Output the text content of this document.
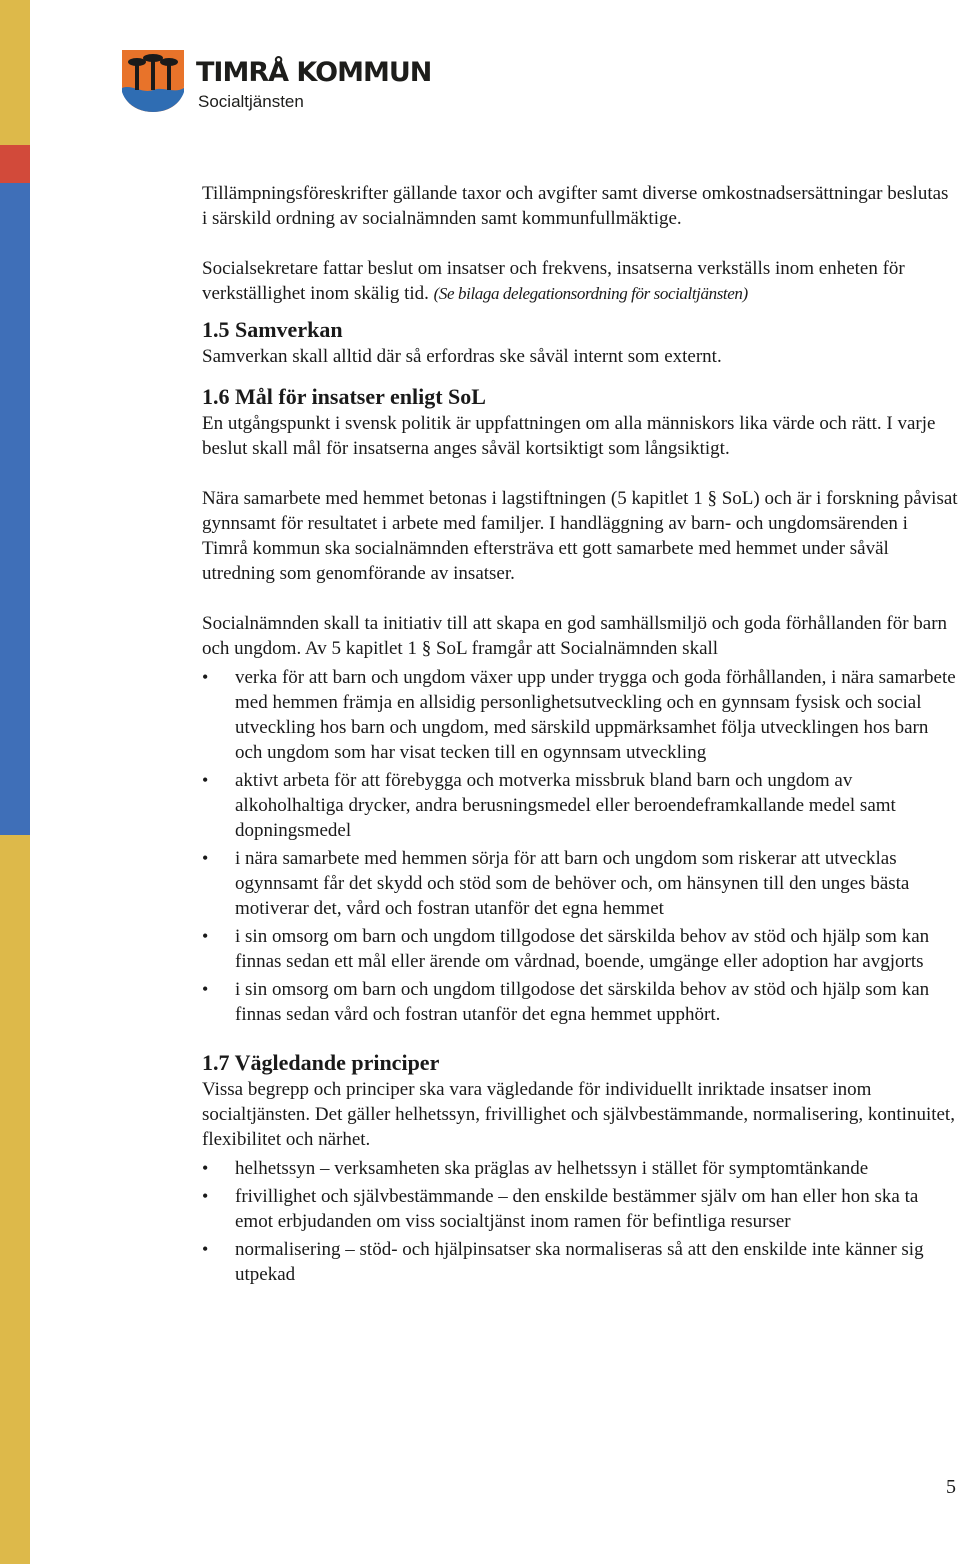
TIMRÅ KOMMUN
Socialtjänsten

Tillämpningsföreskrifter gällande taxor och avgifter samt diverse omkostnadsersättningar beslutas i särskild ordning av socialnämnden samt kommunfullmäktige.

Socialsekretare fattar beslut om insatser och frekvens, insatserna verkställs inom enheten för verkställighet inom skälig tid. (Se bilaga delegationsordning för socialtjänsten)

1.5 Samverkan

Samverkan skall alltid där så erfordras ske såväl internt som externt.

1.6 Mål för insatser enligt SoL

En utgångspunkt i svensk politik är uppfattningen om alla människors lika värde och rätt. I varje beslut skall mål för insatserna anges såväl kortsiktigt som långsiktigt.

Nära samarbete med hemmet betonas i lagstiftningen (5 kapitlet 1 § SoL) och är i forskning påvisat gynnsamt för resultatet i arbete med familjer. I handläggning av barn- och ungdomsärenden i Timrå kommun ska socialnämnden eftersträva ett gott samarbete med hemmet under såväl utredning som genomförande av insatser.

Socialnämnden skall ta initiativ till att skapa en god samhällsmiljö och goda förhållanden för barn och ungdom. Av 5 kapitlet 1 § SoL framgår att Socialnämnden skall

• verka för att barn och ungdom växer upp under trygga och goda förhållanden, i nära samarbete med hemmen främja en allsidig personlighetsutveckling och en gynnsam fysisk och social utveckling hos barn och ungdom, med särskild uppmärksamhet följa utvecklingen hos barn och ungdom som har visat tecken till en ogynnsam utveckling
• aktivt arbeta för att förebygga och motverka missbruk bland barn och ungdom av alkoholhaltiga drycker, andra berusningsmedel eller beroendeframkallande medel samt dopningsmedel
• i nära samarbete med hemmen sörja för att barn och ungdom som riskerar att utvecklas ogynnsamt får det skydd och stöd som de behöver och, om hänsynen till den unges bästa motiverar det, vård och fostran utanför det egna hemmet
• i sin omsorg om barn och ungdom tillgodose det särskilda behov av stöd och hjälp som kan finnas sedan ett mål eller ärende om vårdnad, boende, umgänge eller adoption har avgjorts
• i sin omsorg om barn och ungdom tillgodose det särskilda behov av stöd och hjälp som kan finnas sedan vård och fostran utanför det egna hemmet upphört.
1.7 Vägledande principer

Vissa begrepp och principer ska vara vägledande för individuellt inriktade insatser inom socialtjänsten. Det gäller helhetssyn, frivillighet och självbestämmande, normalisering, kontinuitet, flexibilitet och närhet.

• helhetssyn – verksamheten ska präglas av helhetssyn i stället för symptomtänkande
• frivillighet och självbestämmande – den enskilde bestämmer själv om han eller hon ska ta emot erbjudanden om viss socialtjänst inom ramen för befintliga resurser
• normalisering – stöd- och hjälpinsatser ska normaliseras så att den enskilde inte känner sig utpekad
5
